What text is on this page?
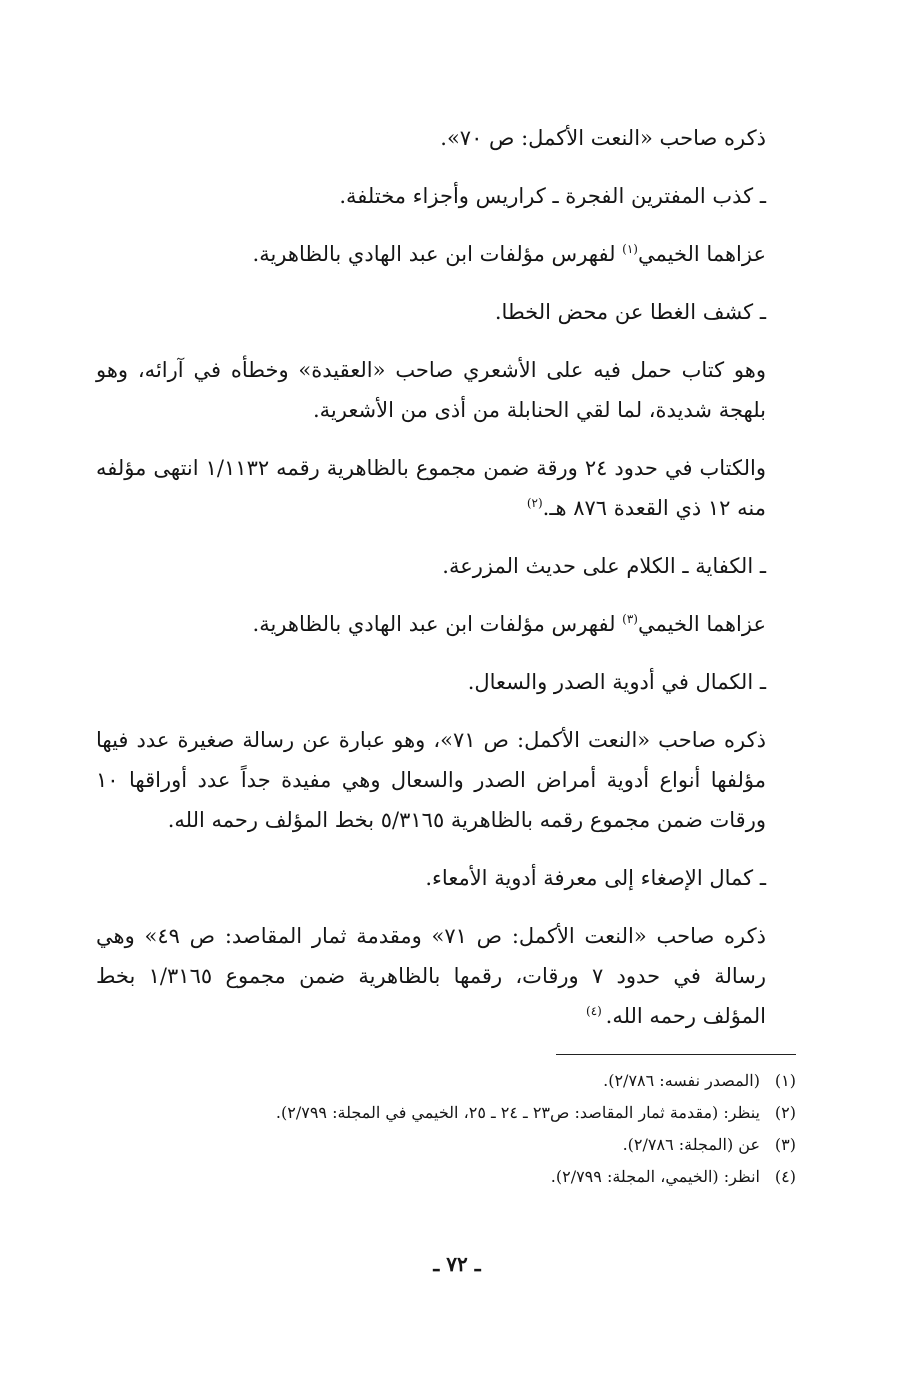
ذكره صاحب «النعت الأكمل: ص ٧٠».

ـ كذب المفترين الفجرة ـ كراريس وأجزاء مختلفة.

عزاهما الخيمي$^{(١)}$ لفهرس مؤلفات ابن عبد الهادي بالظاهرية.

ـ كشف الغطا عن محض الخطا.

وهو كتاب حمل فيه على الأشعري صاحب «العقيدة» وخطأه في آرائه، وهو بلهجة شديدة، لما لقي الحنابلة من أذى من الأشعرية.

والكتاب في حدود ٢٤ ورقة ضمن مجموع بالظاهرية رقمه ١/١١٣٢ انتهى مؤلفه منه ١٢ ذي القعدة ٨٧٦ هـ.$^{(٢)}$

ـ الكفاية ـ الكلام على حديث المزرعة.

عزاهما الخيمي$^{(٣)}$ لفهرس مؤلفات ابن عبد الهادي بالظاهرية.

ـ الكمال في أدوية الصدر والسعال.

ذكره صاحب «النعت الأكمل: ص ٧١»، وهو عبارة عن رسالة صغيرة عدد فيها مؤلفها أنواع أدوية أمراض الصدر والسعال وهي مفيدة جداً عدد أوراقها ١٠ ورقات ضمن مجموع رقمه بالظاهرية ٥/٣١٦٥ بخط المؤلف رحمه الله.

ـ كمال الإصغاء إلى معرفة أدوية الأمعاء.

ذكره صاحب «النعت الأكمل: ص ٧١» ومقدمة ثمار المقاصد: ص ٤٩» وهي رسالة في حدود ٧ ورقات، رقمها بالظاهرية ضمن مجموع ١/٣١٦٥ بخط المؤلف رحمه الله. $^{(٤)}$

(١)
(المصدر نفسه: ٢/٧٨٦).
(٢)
ينظر: (مقدمة ثمار المقاصد: ص٢٣ ـ ٢٤ ـ ٢٥، الخيمي في المجلة: ٢/٧٩٩).
(٣)
عن (المجلة: ٢/٧٨٦).
(٤)
انظر: (الخيمي، المجلة: ٢/٧٩٩).
ـ ٧٢ ـ
